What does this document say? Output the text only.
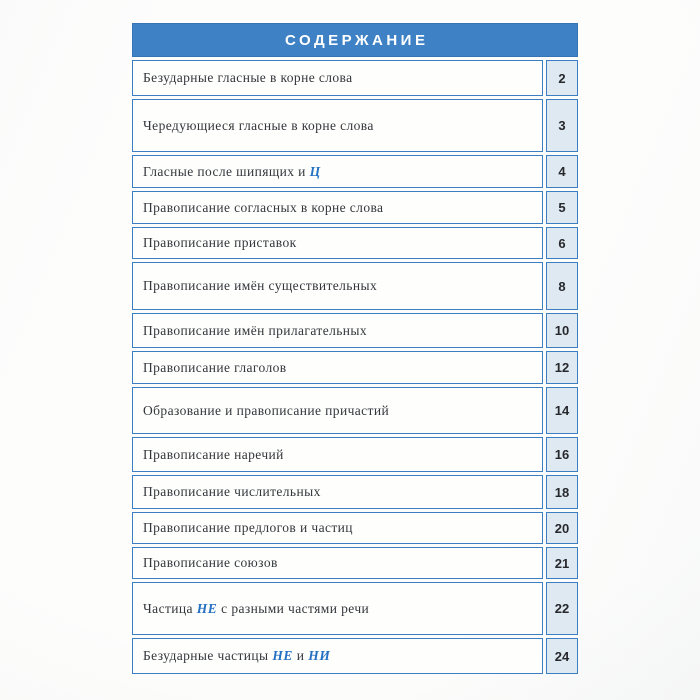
СОДЕРЖАНИЕ
Безударные гласные в корне слова	2
Чередующиеся гласные в корне слова	3
Гласные после шипящих и Ц	4
Правописание согласных в корне слова	5
Правописание приставок	6
Правописание имён существительных	8
Правописание имён прилагательных	10
Правописание глаголов	12
Образование и правописание причастий	14
Правописание наречий	16
Правописание числительных	18
Правописание предлогов и частиц	20
Правописание союзов	21
Частица НЕ с разными частями речи	22
Безударные частицы НЕ и НИ	24
